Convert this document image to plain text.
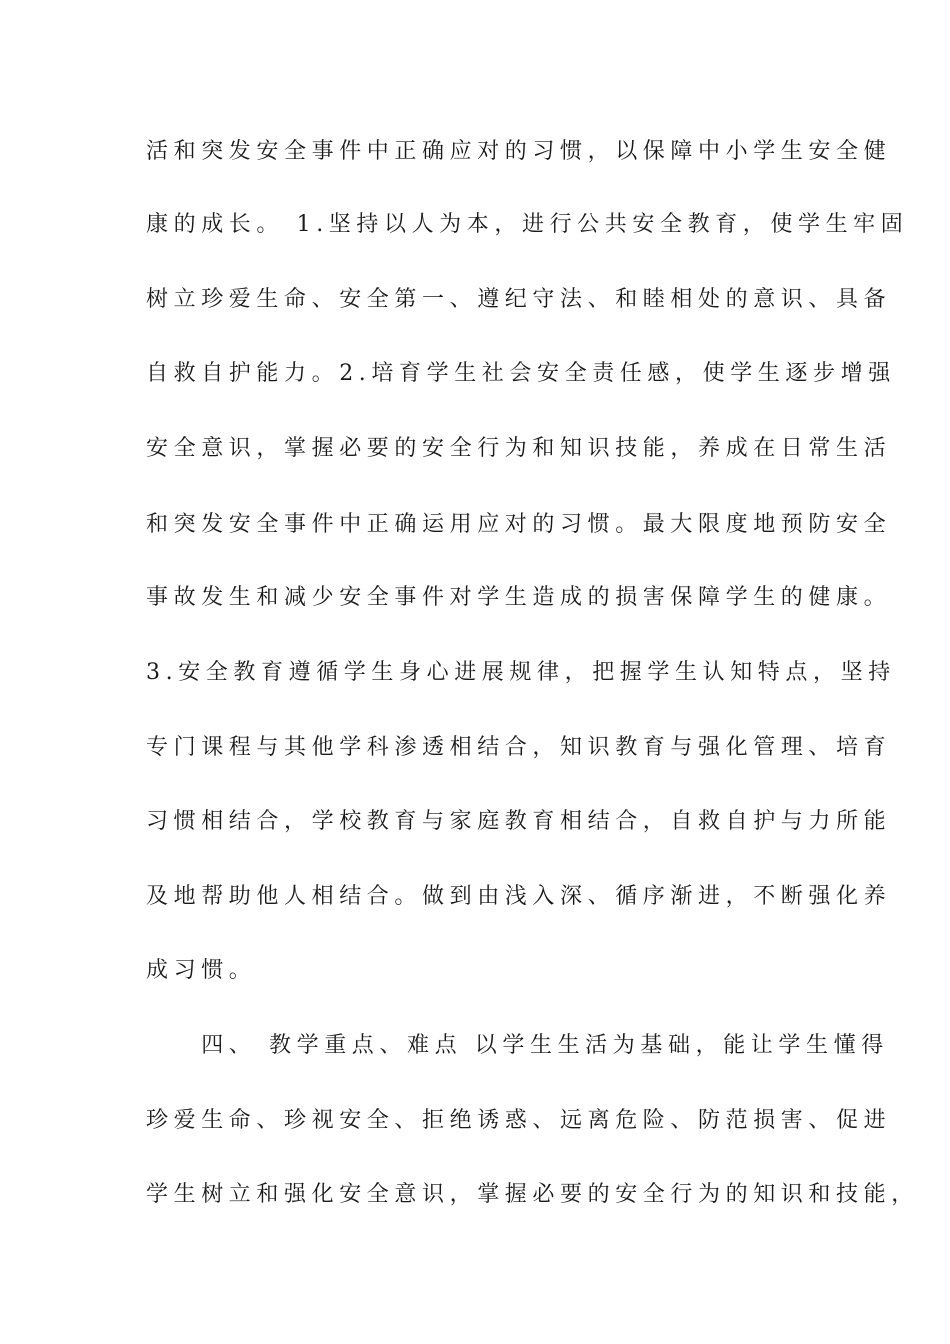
活和突发安全事件中正确应对的习惯，以保障中小学生安全健
康的成长。 1.坚持以人为本，进行公共安全教育，使学生牢固
树立珍爱生命、安全第一、遵纪守法、和睦相处的意识、具备
自救自护能力。2.培育学生社会安全责任感，使学生逐步增强
安全意识，掌握必要的安全行为和知识技能，养成在日常生活
和突发安全事件中正确运用应对的习惯。最大限度地预防安全
事故发生和减少安全事件对学生造成的损害保障学生的健康。
3.安全教育遵循学生身心进展规律，把握学生认知特点，坚持
专门课程与其他学科渗透相结合，知识教育与强化管理、培育
习惯相结合，学校教育与家庭教育相结合，自救自护与力所能
及地帮助他人相结合。做到由浅入深、循序渐进，不断强化养
成习惯。
　　四、 教学重点、难点 以学生生活为基础，能让学生懂得
珍爱生命、珍视安全、拒绝诱惑、远离危险、防范损害、促进
学生树立和强化安全意识，掌握必要的安全行为的知识和技能，
